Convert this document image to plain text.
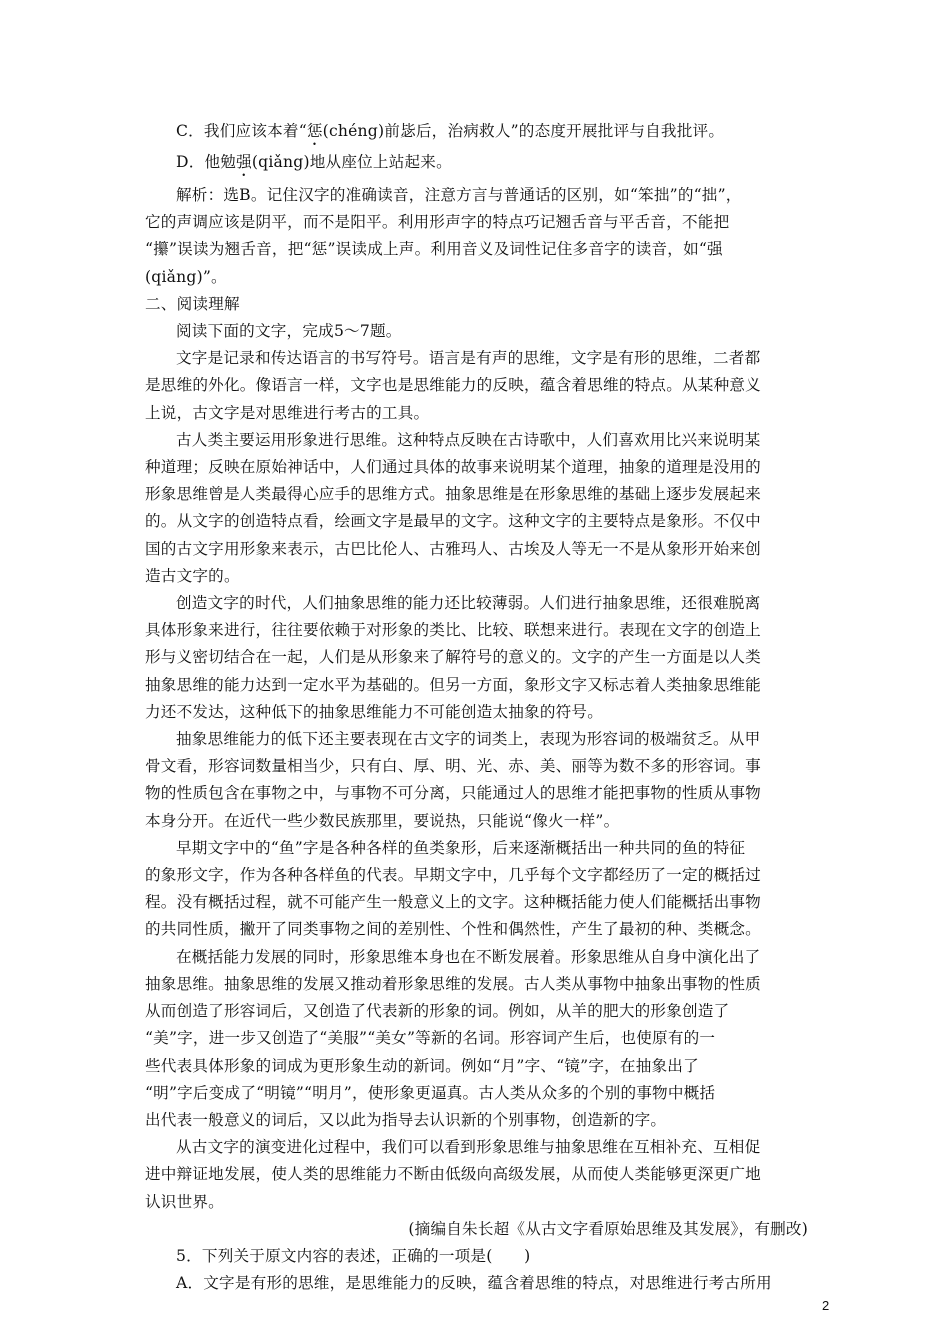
C．我们应该本着“惩(chéng)前毖后，治病救人”的态度开展批评与自我批评。
D．他勉强(qiǎng)地从座位上站起来。
解析：选B。记住汉字的准确读音，注意方言与普通话的区别，如“笨拙”的“拙”，
它的声调应该是阴平，而不是阳平。利用形声字的特点巧记翘舌音与平舌音，不能把
“攥”误读为翘舌音，把“惩”误读成上声。利用音义及词性记住多音字的读音，如“强
(qiǎng)”。
二、阅读理解
阅读下面的文字，完成5～7题。
文字是记录和传达语言的书写符号。语言是有声的思维，文字是有形的思维，二者都
是思维的外化。像语言一样，文字也是思维能力的反映，蕴含着思维的特点。从某种意义
上说，古文字是对思维进行考古的工具。
古人类主要运用形象进行思维。这种特点反映在古诗歌中，人们喜欢用比兴来说明某
种道理；反映在原始神话中，人们通过具体的故事来说明某个道理，抽象的道理是没用的
形象思维曾是人类最得心应手的思维方式。抽象思维是在形象思维的基础上逐步发展起来
的。从文字的创造特点看，绘画文字是最早的文字。这种文字的主要特点是象形。不仅中
国的古文字用形象来表示，古巴比伦人、古雅玛人、古埃及人等无一不是从象形开始来创
造古文字的。
创造文字的时代，人们抽象思维的能力还比较薄弱。人们进行抽象思维，还很难脱离
具体形象来进行，往往要依赖于对形象的类比、比较、联想来进行。表现在文字的创造上
形与义密切结合在一起，人们是从形象来了解符号的意义的。文字的产生一方面是以人类
抽象思维的能力达到一定水平为基础的。但另一方面，象形文字又标志着人类抽象思维能
力还不发达，这种低下的抽象思维能力不可能创造太抽象的符号。
抽象思维能力的低下还主要表现在古文字的词类上，表现为形容词的极端贫乏。从甲
骨文看，形容词数量相当少，只有白、厚、明、光、赤、美、丽等为数不多的形容词。事
物的性质包含在事物之中，与事物不可分离，只能通过人的思维才能把事物的性质从事物
本身分开。在近代一些少数民族那里，要说热，只能说“像火一样”。
早期文字中的“鱼”字是各种各样的鱼类象形，后来逐渐概括出一种共同的鱼的特征
的象形文字，作为各种各样鱼的代表。早期文字中，几乎每个文字都经历了一定的概括过
程。没有概括过程，就不可能产生一般意义上的文字。这种概括能力使人们能概括出事物
的共同性质，撇开了同类事物之间的差别性、个性和偶然性，产生了最初的种、类概念。
在概括能力发展的同时，形象思维本身也在不断发展着。形象思维从自身中演化出了
抽象思维。抽象思维的发展又推动着形象思维的发展。古人类从事物中抽象出事物的性质
从而创造了形容词后，又创造了代表新的形象的词。例如，从羊的肥大的形象创造了
“美”字，进一步又创造了“美服”“美女”等新的名词。形容词产生后，也使原有的一
些代表具体形象的词成为更形象生动的新词。例如“月”字、“镜”字，在抽象出了
“明”字后变成了“明镜”“明月”，使形象更逼真。古人类从众多的个别的事物中概括
出代表一般意义的词后，又以此为指导去认识新的个别事物，创造新的字。
从古文字的演变进化过程中，我们可以看到形象思维与抽象思维在互相补充、互相促
进中辩证地发展，使人类的思维能力不断由低级向高级发展，从而使人类能够更深更广地
认识世界。
(摘编自朱长超《从古文字看原始思维及其发展》，有删改)
5．下列关于原文内容的表述，正确的一项是(　　)
A．文字是有形的思维，是思维能力的反映，蕴含着思维的特点，对思维进行考古所用
2
